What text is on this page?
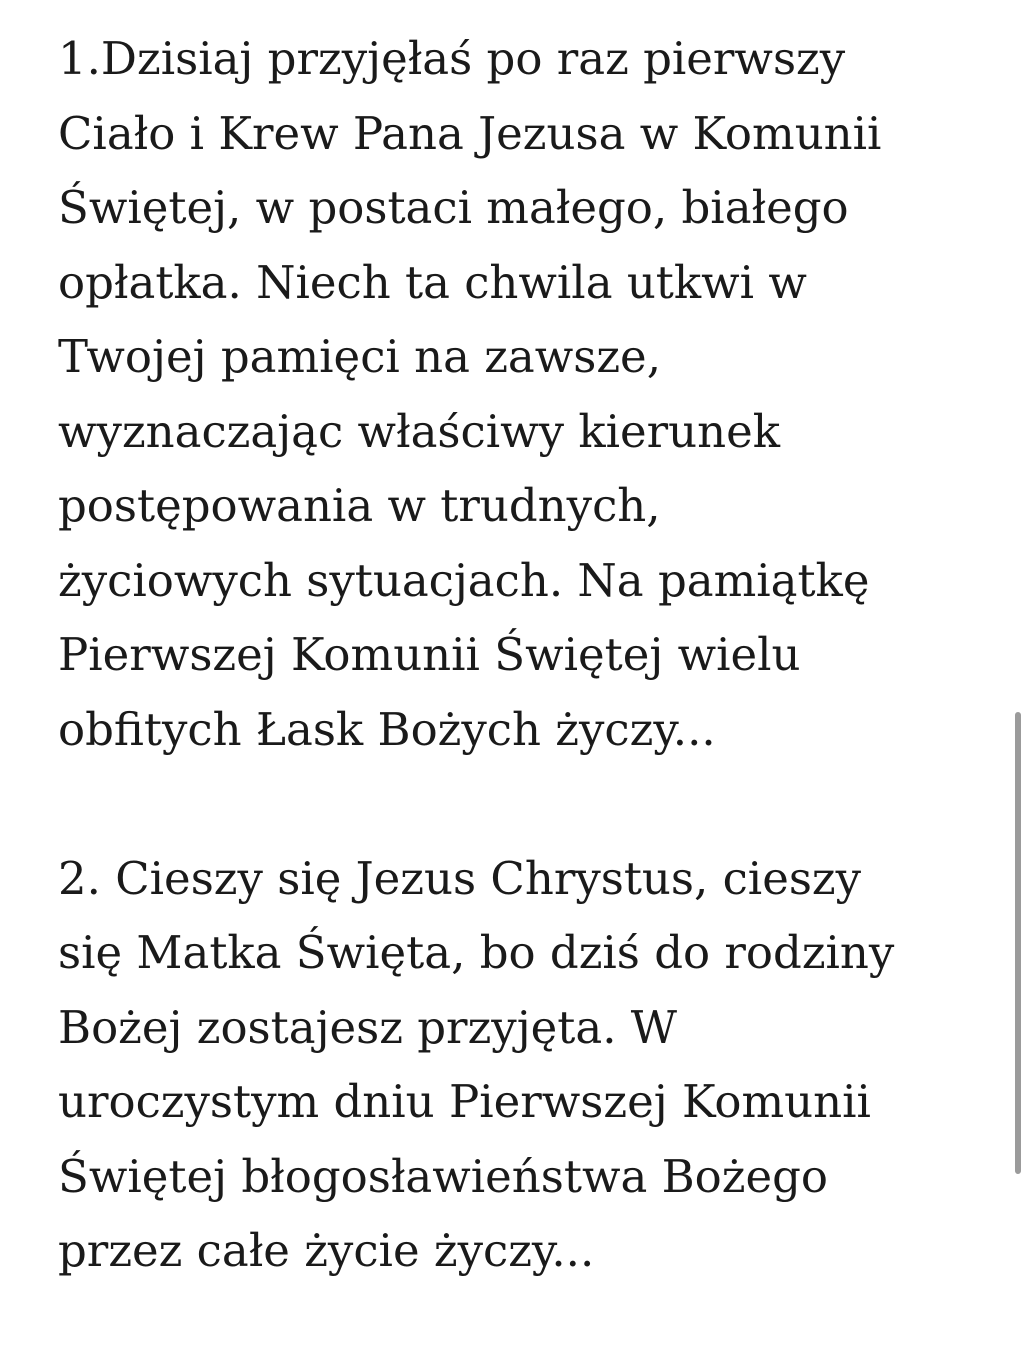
1.Dzisiaj przyjęłaś po raz pierwszy
Ciało i Krew Pana Jezusa w Komunii
Świętej, w postaci małego, białego
opłatka. Niech ta chwila utkwi w
Twojej pamięci na zawsze,
wyznaczając właściwy kierunek
postępowania w trudnych,
życiowych sytuacjach. Na pamiątkę
Pierwszej Komunii Świętej wielu
obfitych Łask Bożych życzy...

2. Cieszy się Jezus Chrystus, cieszy
się Matka Święta, bo dziś do rodziny
Bożej zostajesz przyjęta. W
uroczystym dniu Pierwszej Komunii
Świętej błogosławieństwa Bożego
przez całe życie życzy...
